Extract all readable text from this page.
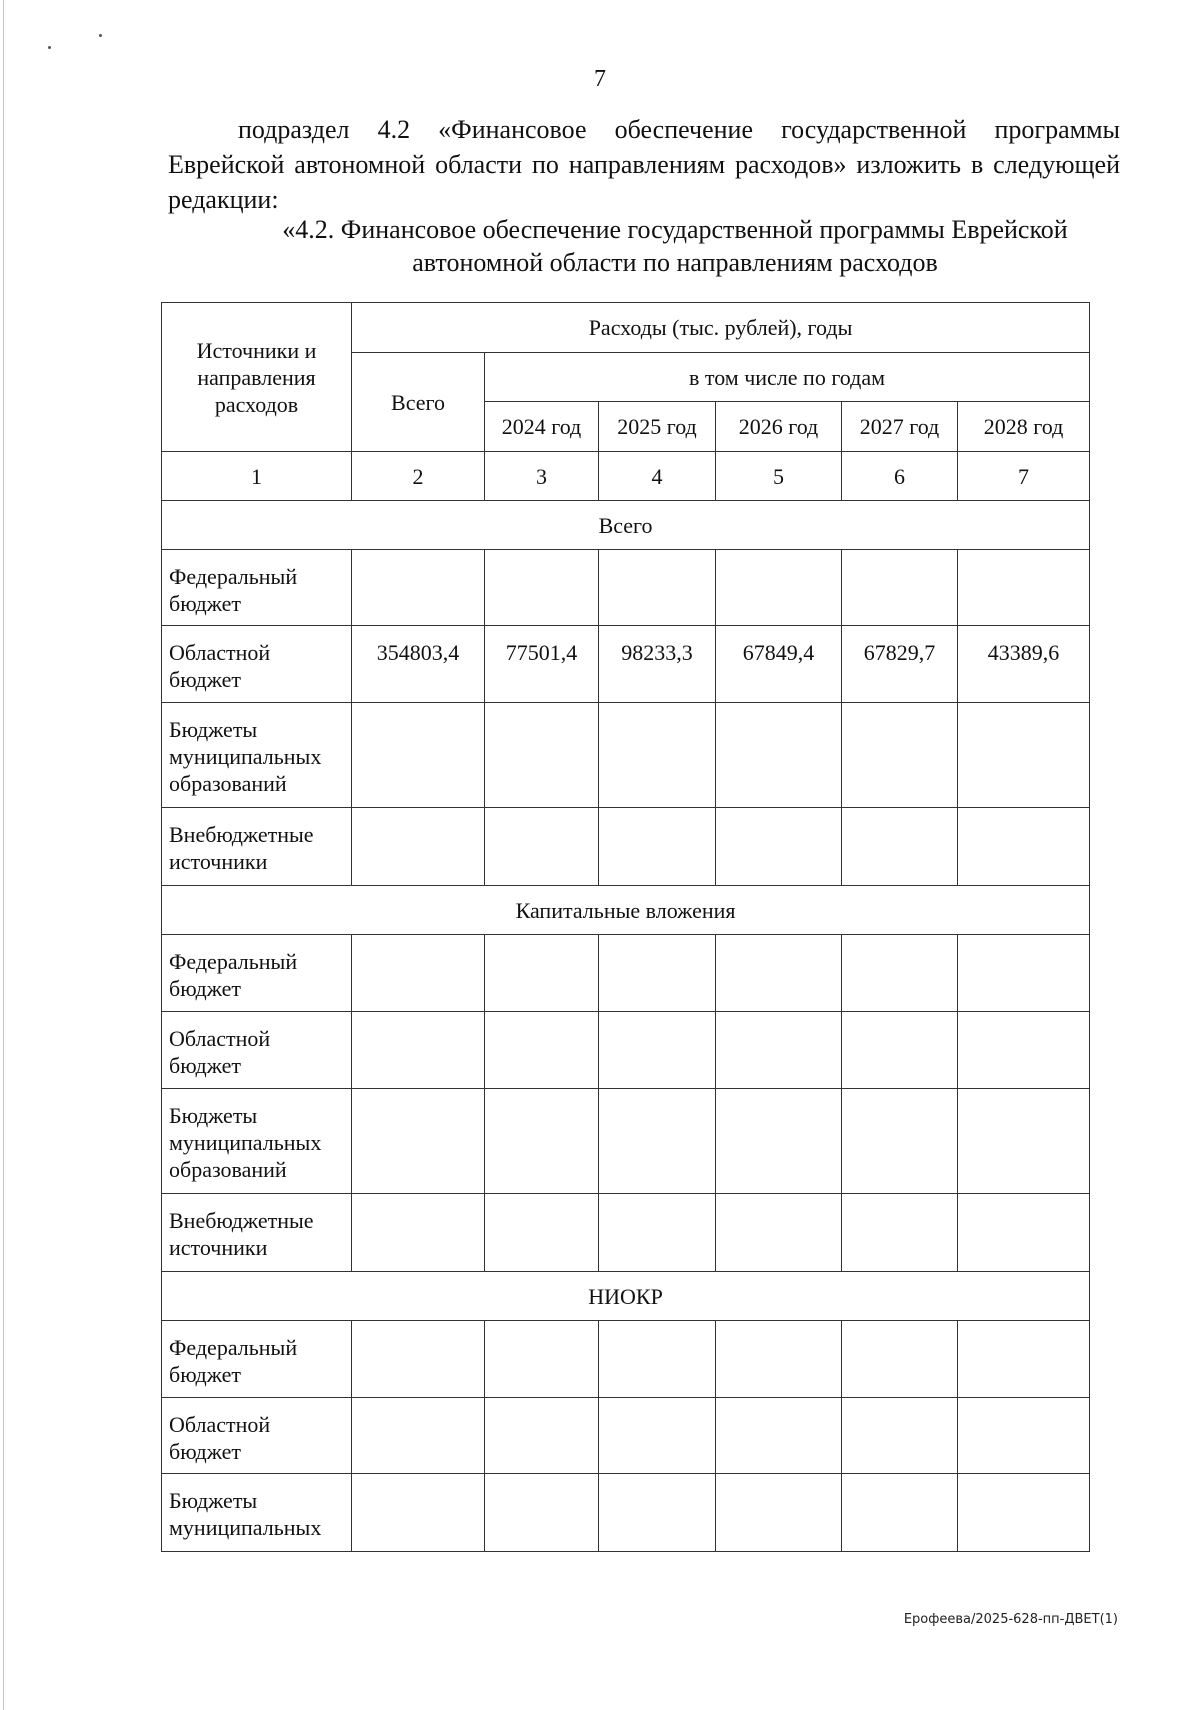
7

подраздел 4.2 «Финансовое обеспечение государственной программы Еврейской автономной области по направлениям расходов» изложить в следующей редакции:

«4.2. Финансовое обеспечение государственной программы Еврейской автономной области по направлениям расходов

Источники и направления расходов	Расходы (тыс. рублей), годы					
	Всего	в том числе по годам				
		2024 год	2025 год	2026 год	2027 год	2028 год
1	2	3	4	5	6	7
Всего						
Федеральный бюджет						
Областной бюджет	354803,4	77501,4	98233,3	67849,4	67829,7	43389,6
Бюджеты муниципальных образований						
Внебюджетные источники						
Капитальные вложения						
Федеральный бюджет						
Областной бюджет						
Бюджеты муниципальных образований						
Внебюджетные источники						
НИОКР						
Федеральный бюджет						
Областной бюджет						
Бюджеты муниципальных						
Ерофеева/2025-628-пп-ДВЕТ(1)
